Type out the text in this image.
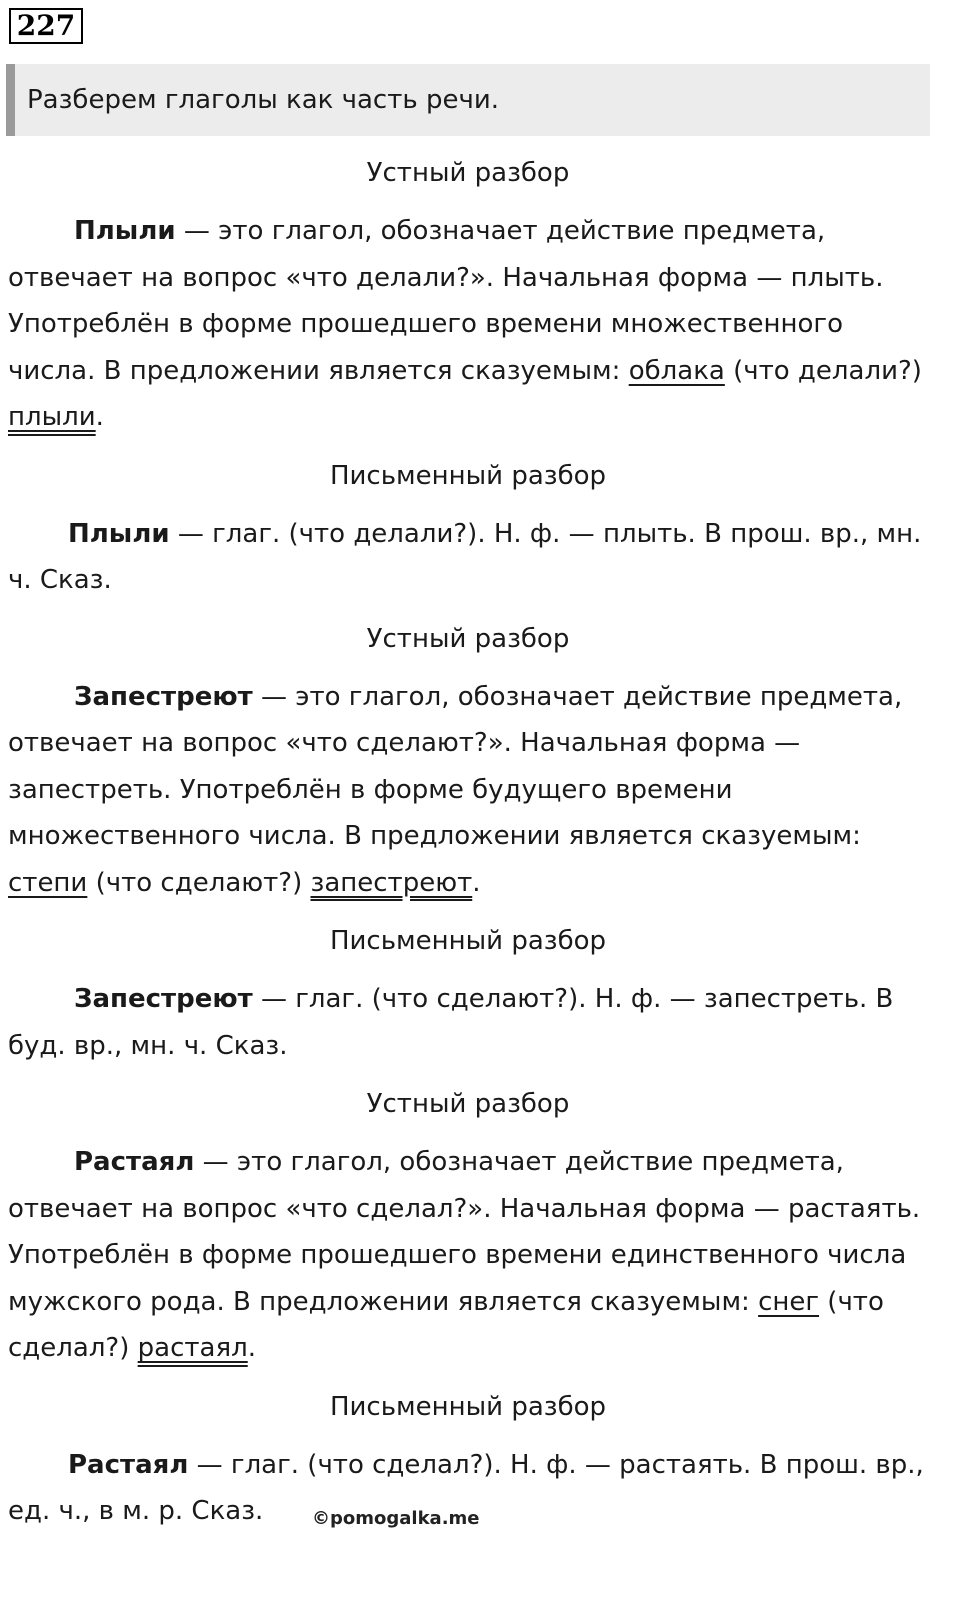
227
Разберем глаголы как часть речи.
Устный разбор
Плыли — это глагол, обозначает действие предмета, отвечает на вопрос «что делали?». Начальная форма — плыть. Употреблён в форме прошедшего времени множественного числа. В предложении является сказуемым: облака (что делали?) плыли.
Письменный разбор
Плыли — глаг. (что делали?). Н. ф. — плыть. В прош. вр., мн. ч. Сказ.
Устный разбор
Запестреют — это глагол, обозначает действие предмета, отвечает на вопрос «что сделают?». Начальная форма — запестреть. Употреблён в форме будущего времени множественного числа. В предложении является сказуемым: степи (что сделают?) запестреют.
Письменный разбор
Запестреют — глаг. (что сделают?). Н. ф. — запестреть. В буд. вр., мн. ч. Сказ.
Устный разбор
Растаял — это глагол, обозначает действие предмета, отвечает на вопрос «что сделал?». Начальная форма — растаять. Употреблён в форме прошедшего времени единственного числа мужского рода. В предложении является сказуемым: снег (что сделал?) растаял.
Письменный разбор
Растаял — глаг. (что сделал?). Н. ф. — растаять. В прош. вр., ед. ч., в м. р. Сказ.	©pomogalka.me
